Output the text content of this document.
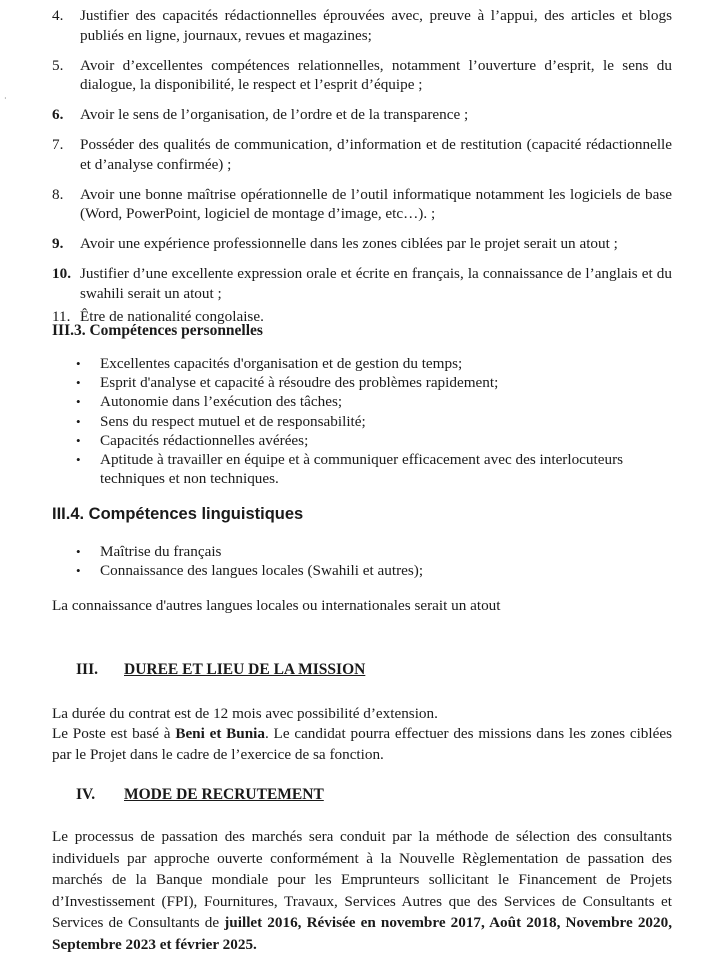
·
4. Justifier des capacités rédactionnelles éprouvées avec, preuve à l’appui, des articles et blogs publiés en ligne, journaux, revues et magazines;
5. Avoir d’excellentes compétences relationnelles, notamment l’ouverture d’esprit, le sens du dialogue, la disponibilité, le respect et l’esprit d’équipe ;
6. Avoir le sens de l’organisation, de l’ordre et de la transparence ;
7. Posséder des qualités de communication, d’information et de restitution (capacité rédactionnelle et d’analyse confirmée) ;
8. Avoir une bonne maîtrise opérationnelle de l’outil informatique notamment les logiciels de base (Word, PowerPoint, logiciel de montage d’image, etc…). ;
9. Avoir une expérience professionnelle dans les zones ciblées par le projet serait un atout ;
10. Justifier d’une excellente expression orale et écrite en français, la connaissance de l’anglais et du swahili serait un atout ;
11. Être de nationalité congolaise.
III.3. Compétences personnelles
• Excellentes capacités d'organisation et de gestion du temps;
• Esprit d'analyse et capacité à résoudre des problèmes rapidement;
• Autonomie dans l’exécution des tâches;
• Sens du respect mutuel et de responsabilité;
• Capacités rédactionnelles avérées;
• Aptitude à travailler en équipe et à communiquer efficacement avec des interlocuteurs techniques et non techniques.
III.4. Compétences linguistiques
• Maîtrise du français
• Connaissance des langues locales (Swahili et autres);

La connaissance d'autres langues locales ou internationales serait un atout

III. DUREE ET LIEU DE LA MISSION

La durée du contrat est de 12 mois avec possibilité d’extension.

Le Poste est basé à Beni et Bunia. Le candidat pourra effectuer des missions dans les zones ciblées par le Projet dans le cadre de l’exercice de sa fonction.

IV. MODE DE RECRUTEMENT

Le processus de passation des marchés sera conduit par la méthode de sélection des consultants individuels par approche ouverte conformément à la Nouvelle Règlementation de passation des marchés de la Banque mondiale pour les Emprunteurs sollicitant le Financement de Projets d’Investissement (FPI), Fournitures, Travaux, Services Autres que des Services de Consultants et Services de Consultants de juillet 2016, Révisée en novembre 2017, Août 2018, Novembre 2020, Septembre 2023 et février 2025.
